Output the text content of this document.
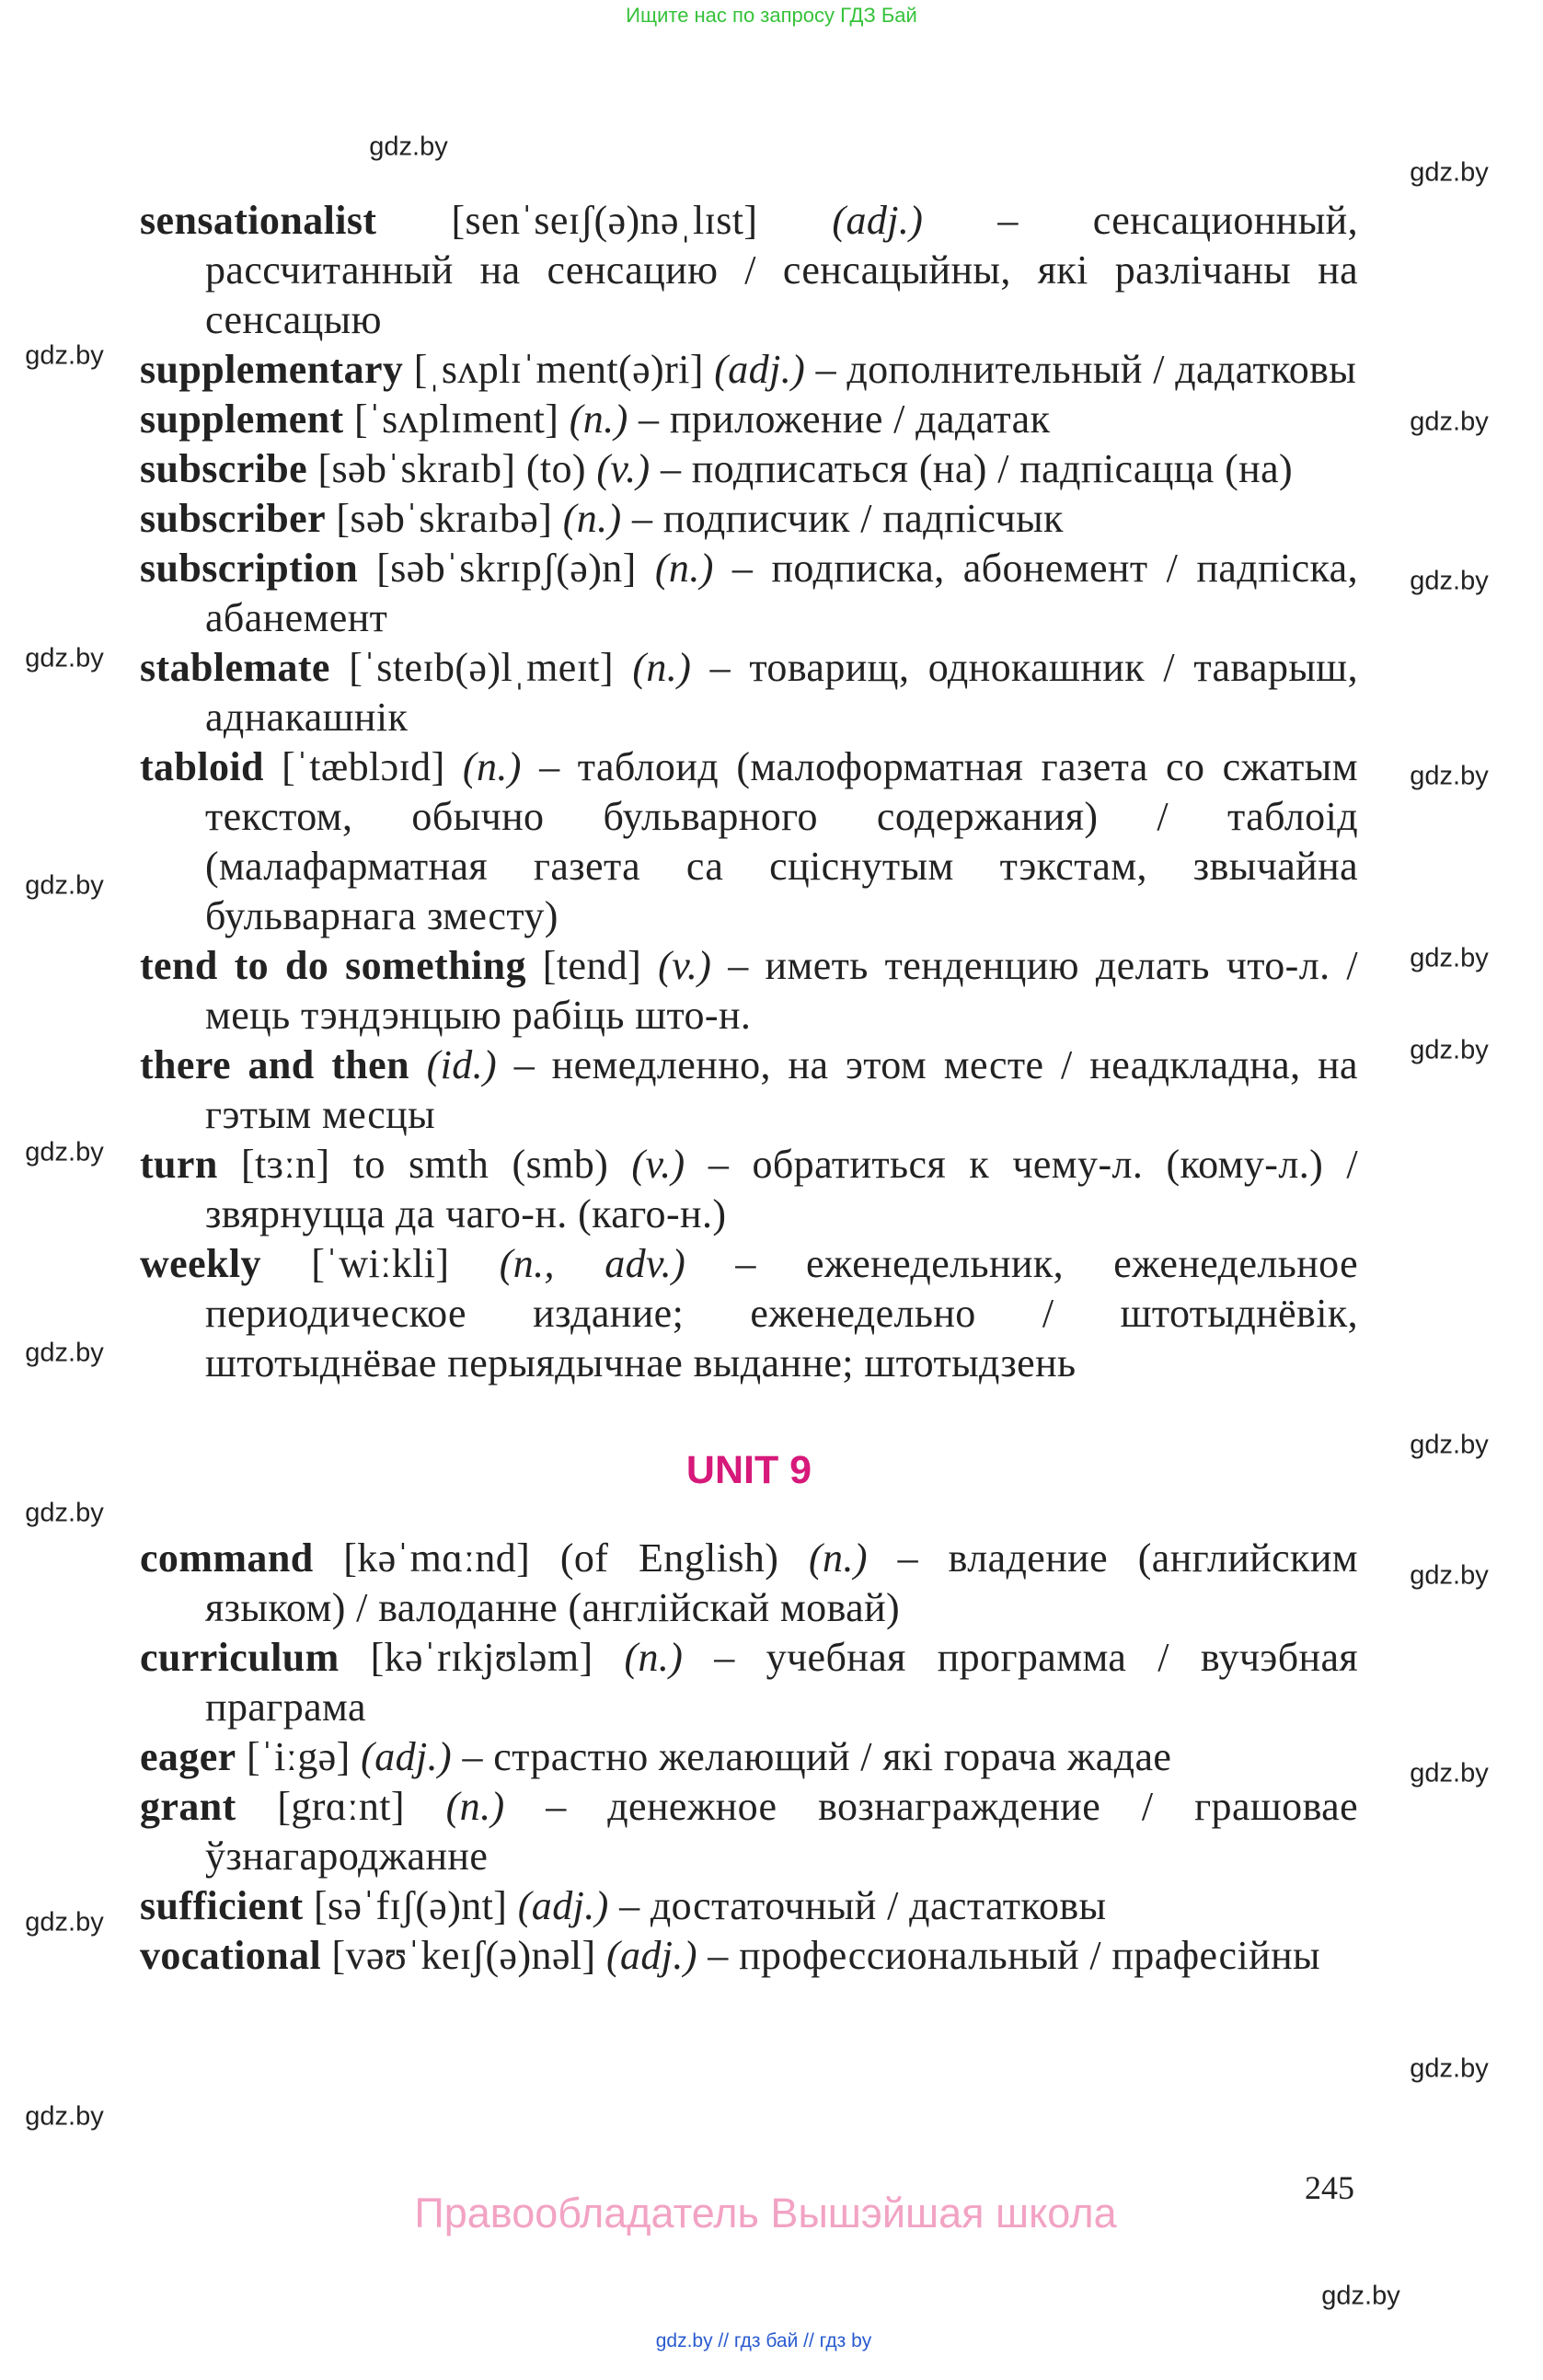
Ищите нас по запросу ГДЗ Бай
sensationalist [senˈseɪʃ(ə)nəˌlɪst] (adj.) – сенсационный, рассчитанный на сенсацию / сенсацыйны, які разлічаны на сенсацыю
supplementary [ˌsʌplɪˈment(ə)ri] (adj.) – дополнительный / дадатковы
supplement [ˈsʌplɪment] (n.) – приложение / дадатак
subscribe [səbˈskraɪb] (to) (v.) – подписаться (на) / падпісацца (на)
subscriber [səbˈskraɪbə] (n.) – подписчик / падпісчык
subscription [səbˈskrɪpʃ(ə)n] (n.) – подписка, абонемент / падпіска, абанемент
stablemate [ˈsteɪb(ə)lˌmeɪt] (n.) – товарищ, однокашник / таварыш, аднакашнік
tabloid [ˈtæblɔɪd] (n.) – таблоид (малоформатная газета со сжатым текстом, обычно бульварного содержания) / таблоід (малафарматная газета са сціснутым тэкстам, звычайна бульварнага зместу)
tend to do something [tend] (v.) – иметь тенденцию делать что-л. / мець тэндэнцыю рабіць што-н.
there and then (id.) – немедленно, на этом месте / неадкладна, на гэтым месцы
turn [tɜːn] to smth (smb) (v.) – обратиться к чему-л. (кому-л.) / звярнуцца да чаго-н. (каго-н.)
weekly [ˈwiːkli] (n., adv.) – еженедельник, еженедельное периодическое издание; еженедельно / штотыднёвік, штотыднёвае перыядычнае выданне; штотыдзень
UNIT 9
command [kəˈmɑːnd] (of English) (n.) – владение (английским языком) / валоданне (англійскай мовай)
curriculum [kəˈrɪkjʊləm] (n.) – учебная программа / вучэбная праграма
eager [ˈiːgə] (adj.) – страстно желающий / які горача жадае
grant [grɑːnt] (n.) – денежное вознаграждение / грашовае ўзнагароджанне
sufficient [səˈfɪʃ(ə)nt] (adj.) – достаточный / дастатковы
vocational [vəʊˈkeɪʃ(ə)nəl] (adj.) – профессиональный / прафесійны
245
Правообладатель Вышэйшая школа
gdz.by // гдз бай // гдз by
gdz.by
gdz.by
gdz.by
gdz.by
gdz.by
gdz.by
gdz.by
gdz.by
gdz.by
gdz.by
gdz.by
gdz.by
gdz.by
gdz.by
gdz.by
gdz.by
gdz.by
gdz.by
gdz.by
gdz.by
